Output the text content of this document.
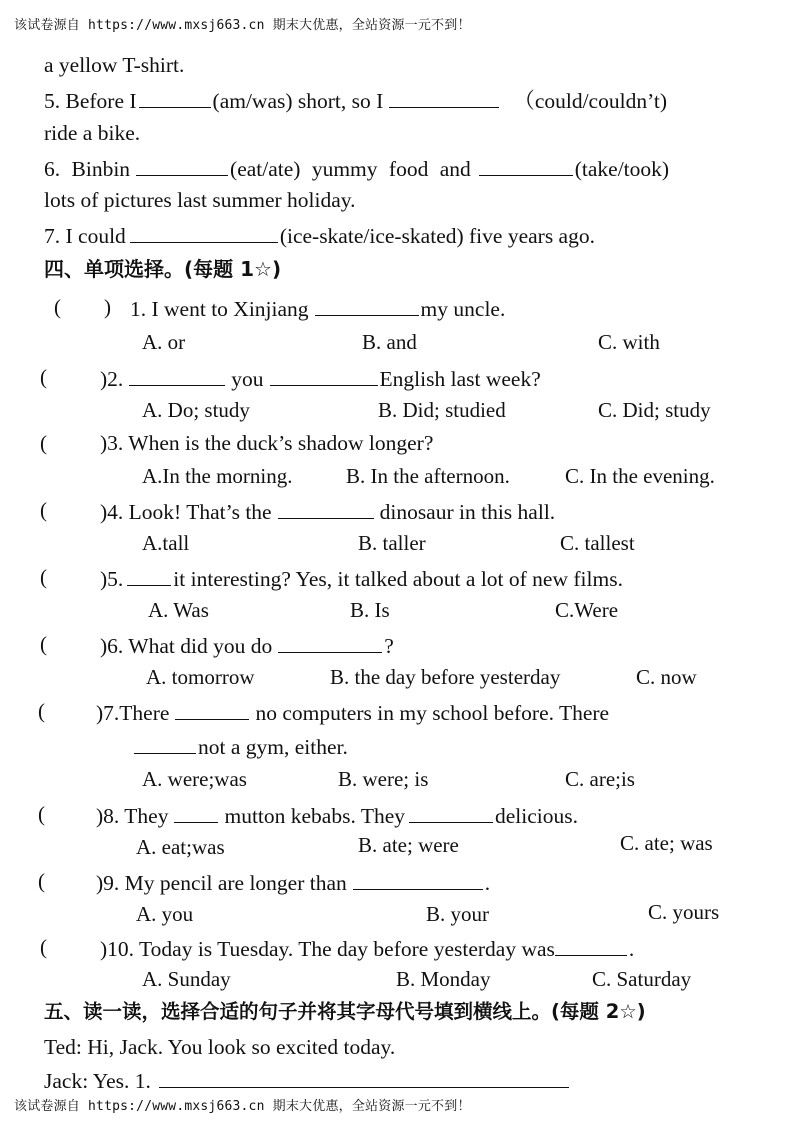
该试卷源自 https://www.mxsj663.cn 期末大优惠，全站资源一元不到！
a yellow T-shirt.
5. Before I	(am/was) short, so I	（could/couldn’t)
ride a bike.
6. Binbin	(eat/ate) yummy food and	(take/took)
lots of pictures last summer holiday.
7. I could	(ice-skate/ice-skated) five years ago.
四、单项选择。(每题 1☆)
( ) 1. I went to Xinjiang	my uncle.
A. or	B. and	C. with
( )2.	you	English last week?
A. Do; study	B. Did; studied	C. Did; study
( )3. When is the duck’s shadow longer?
A.In the morning.	B. In the afternoon.	C. In the evening.
( )4. Look! That’s the	dinosaur in this hall.
A.tall	B. taller	C. tallest
( )5. it interesting? Yes, it talked about a lot of new films.
A. Was	B. Is	C.Were
( )6. What did you do	?
A. tomorrow	B. the day before yesterday	C. now
( )7.There	no computers in my school before. There
not a gym, either.
A. were;was	B. were; is	C. are;is
( )8. They	mutton kebabs. They	delicious.
A. eat;was	B. ate; were	C. ate; was
( )9. My pencil are longer than	.
A. you	B. your	C. yours
( )10. Today is Tuesday. The day before yesterday was	.
A. Sunday	B. Monday	C. Saturday
五、读一读，选择合适的句子并将其字母代号填到横线上。(每题 2☆)
Ted: Hi, Jack. You look so excited today.
Jack: Yes. 1.
该试卷源自 https://www.mxsj663.cn 期末大优惠，全站资源一元不到！
